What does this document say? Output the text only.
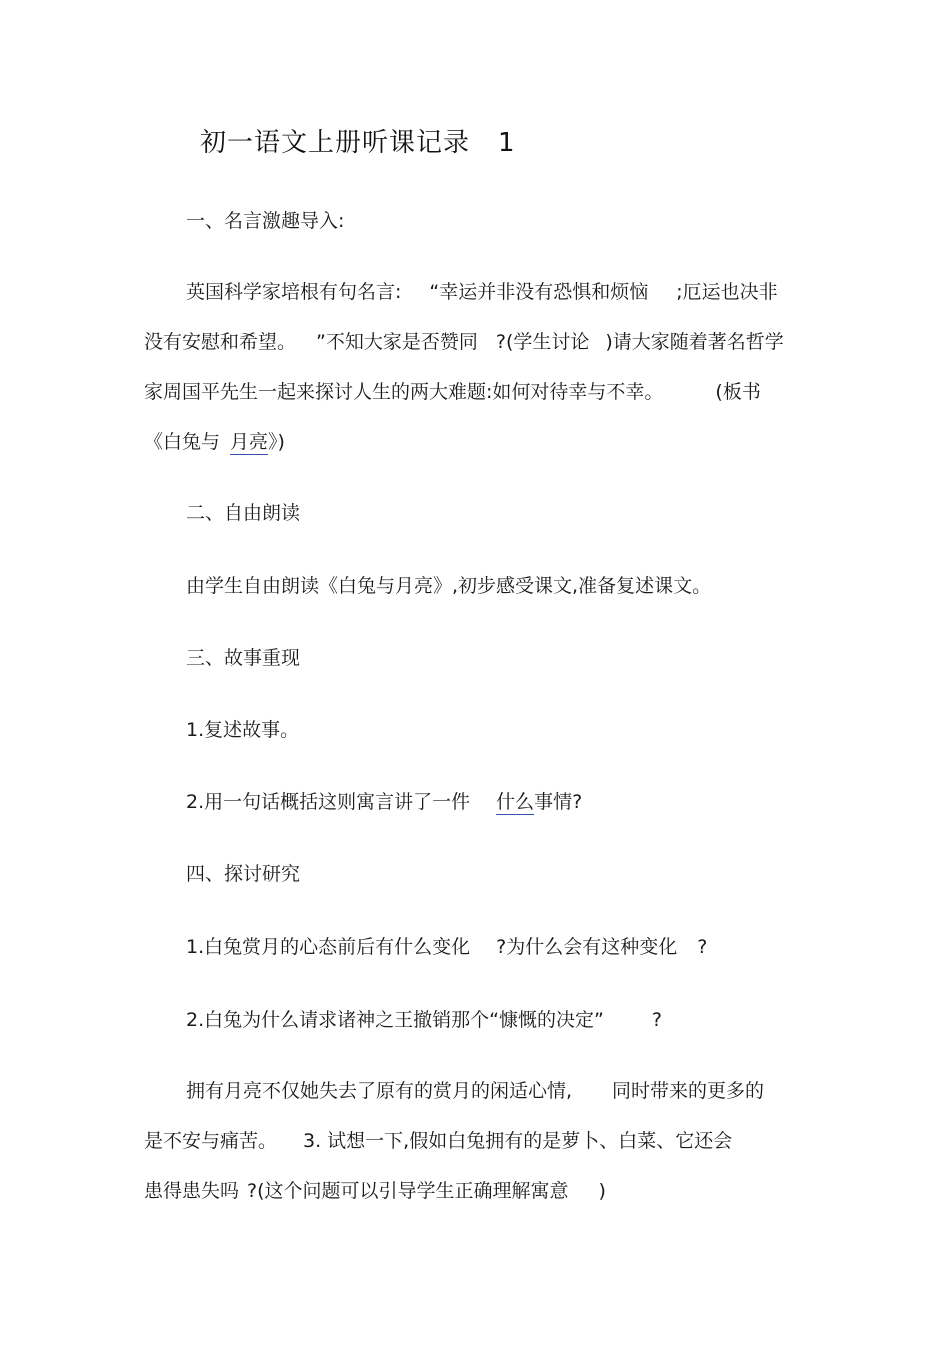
初一语文上册听课记录 1
一、名言激趣导入:
英国科学家培根有句名言: “幸运并非没有恐惧和烦恼 ;厄运也决非
没有安慰和希望。 ”不知大家是否赞同 ?(学生讨论 )请大家随着著名哲学
家周国平先生一起来探讨人生的两大难题:如何对待幸与不幸。	(板书
《白兔与 月亮》)
二、自由朗读
由学生自由朗读《白兔与月亮》,初步感受课文,准备复述课文。
三、故事重现
1.复述故事。
2.用一句话概括这则寓言讲了一件 什么事情?
四、探讨研究
1.白兔赏月的心态前后有什么变化 ?为什么会有这种变化 ?
2.白兔为什么请求诸神之王撤销那个“慷慨的决定”	?
拥有月亮不仅她失去了原有的赏月的闲适心情, 同时带来的更多的
是不安与痛苦。 3. 试想一下,假如白兔拥有的是萝卜、白菜、它还会
患得患失吗 ?(这个问题可以引导学生正确理解寓意 )
